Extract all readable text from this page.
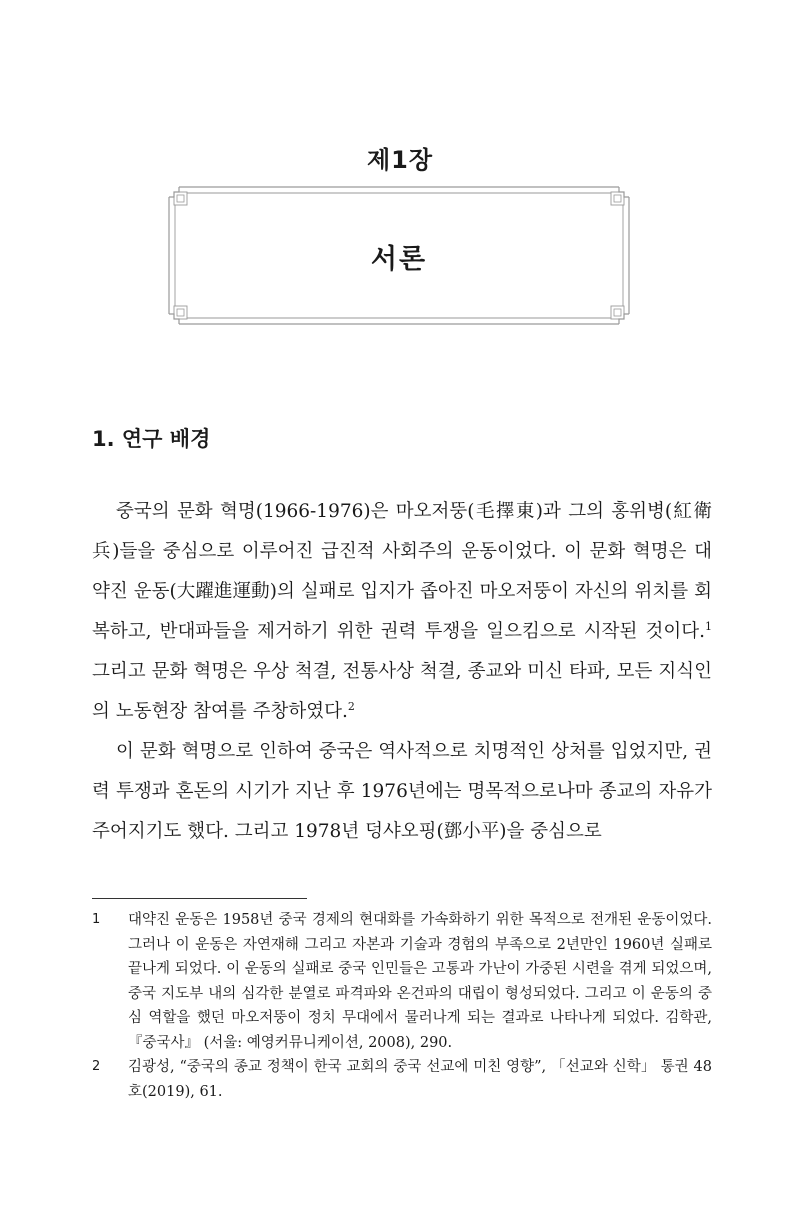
제1장
서론
1. 연구 배경

중국의 문화 혁명(1966-1976)은 마오저뚱(毛擇東)과 그의 홍위병(紅衛兵)들을 중심으로 이루어진 급진적 사회주의 운동이었다. 이 문화 혁명은 대약진 운동(大躍進運動)의 실패로 입지가 좁아진 마오저뚱이 자신의 위치를 회복하고, 반대파들을 제거하기 위한 권력 투쟁을 일으킴으로 시작된 것이다.$^1$ 그리고 문화 혁명은 우상 척결, 전통사상 척결, 종교와 미신 타파, 모든 지식인의 노동현장 참여를 주창하였다.$^2$

이 문화 혁명으로 인하여 중국은 역사적으로 치명적인 상처를 입었지만, 권력 투쟁과 혼돈의 시기가 지난 후 1976년에는 명목적으로나마 종교의 자유가 주어지기도 했다. 그리고 1978년 덩샤오핑(鄧小平)을 중심으로

1	대약진 운동은 1958년 중국 경제의 현대화를 가속화하기 위한 목적으로 전개된 운동이었다. 그러나 이 운동은 자연재해 그리고 자본과 기술과 경험의 부족으로 2년만인 1960년 실패로 끝나게 되었다. 이 운동의 실패로 중국 인민들은 고통과 가난이 가중된 시련을 겪게 되었으며, 중국 지도부 내의 심각한 분열로 파격파와 온건파의 대립이 형성되었다. 그리고 이 운동의 중심 역할을 했던 마오저뚱이 정치 무대에서 물러나게 되는 결과로 나타나게 되었다. 김학관, 『중국사』 (서울: 예영커뮤니케이션, 2008), 290.
2	김광성, “중국의 종교 정책이 한국 교회의 중국 선교에 미친 영향”, 「선교와 신학」 통권 48호(2019), 61.
